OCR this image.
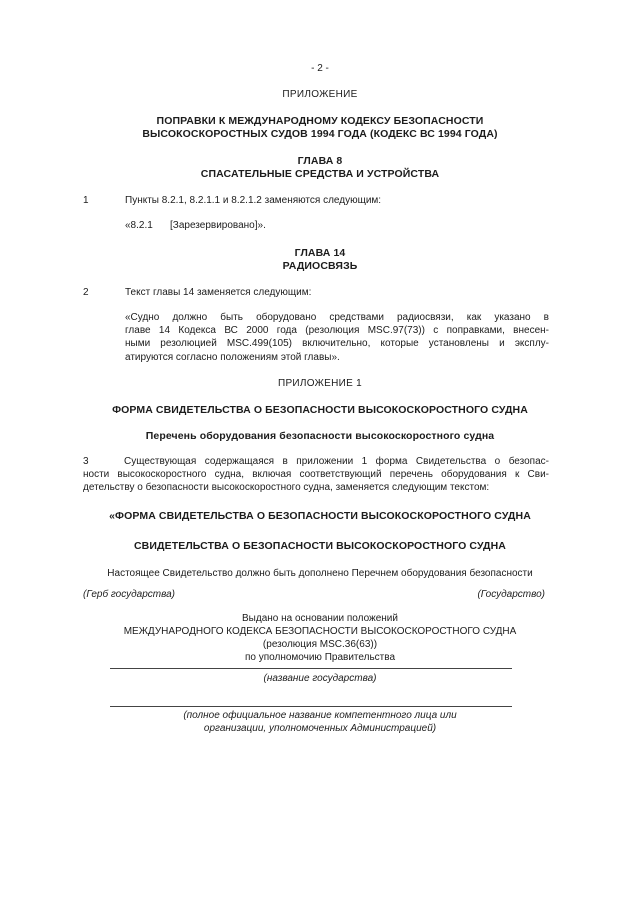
- 2 -
ПРИЛОЖЕНИЕ
ПОПРАВКИ К МЕЖДУНАРОДНОМУ КОДЕКСУ БЕЗОПАСНОСТИ
ВЫСОКОСКОРОСТНЫХ СУДОВ 1994 ГОДА (КОДЕКС ВС 1994 ГОДА)
ГЛАВА 8
СПАСАТЕЛЬНЫЕ СРЕДСТВА И УСТРОЙСТВА
1	Пункты 8.2.1, 8.2.1.1 и 8.2.1.2 заменяются следующим:
«8.2.1 [Зарезервировано]».
ГЛАВА 14
РАДИОСВЯЗЬ
2	Текст главы 14 заменяется следующим:
«Судно должно быть оборудовано средствами радиосвязи, как указано в
главе 14 Кодекса ВС 2000 года (резолюция MSC.97(73)) с поправками, внесен-
ными резолюцией MSC.499(105) включительно, которые установлены и эксплу-
атируются согласно положениям этой главы».
ПРИЛОЖЕНИЕ 1
ФОРМА СВИДЕТЕЛЬСТВА О БЕЗОПАСНОСТИ ВЫСОКОСКОРОСТНОГО СУДНА
Перечень оборудования безопасности высокоскоростного судна
3	Существующая содержащаяся в приложении 1 форма Свидетельства о безопас-
ности высокоскоростного судна, включая соответствующий перечень оборудования к Сви-
детельству о безопасности высокоскоростного судна, заменяется следующим текстом:
«ФОРМА СВИДЕТЕЛЬСТВА О БЕЗОПАСНОСТИ ВЫСОКОСКОРОСТНОГО СУДНА
СВИДЕТЕЛЬСТВА О БЕЗОПАСНОСТИ ВЫСОКОСКОРОСТНОГО СУДНА
Настоящее Свидетельство должно быть дополнено Перечнем оборудования безопасности
(Герб государства)	(Государство)
Выдано на основании положений
МЕЖДУНАРОДНОГО КОДЕКСА БЕЗОПАСНОСТИ ВЫСОКОСКОРОСТНОГО СУДНА
(резолюция MSC.36(63))
по уполномочию Правительства
(название государства)
(полное официальное название компетентного лица или
организации, уполномоченных Администрацией)
